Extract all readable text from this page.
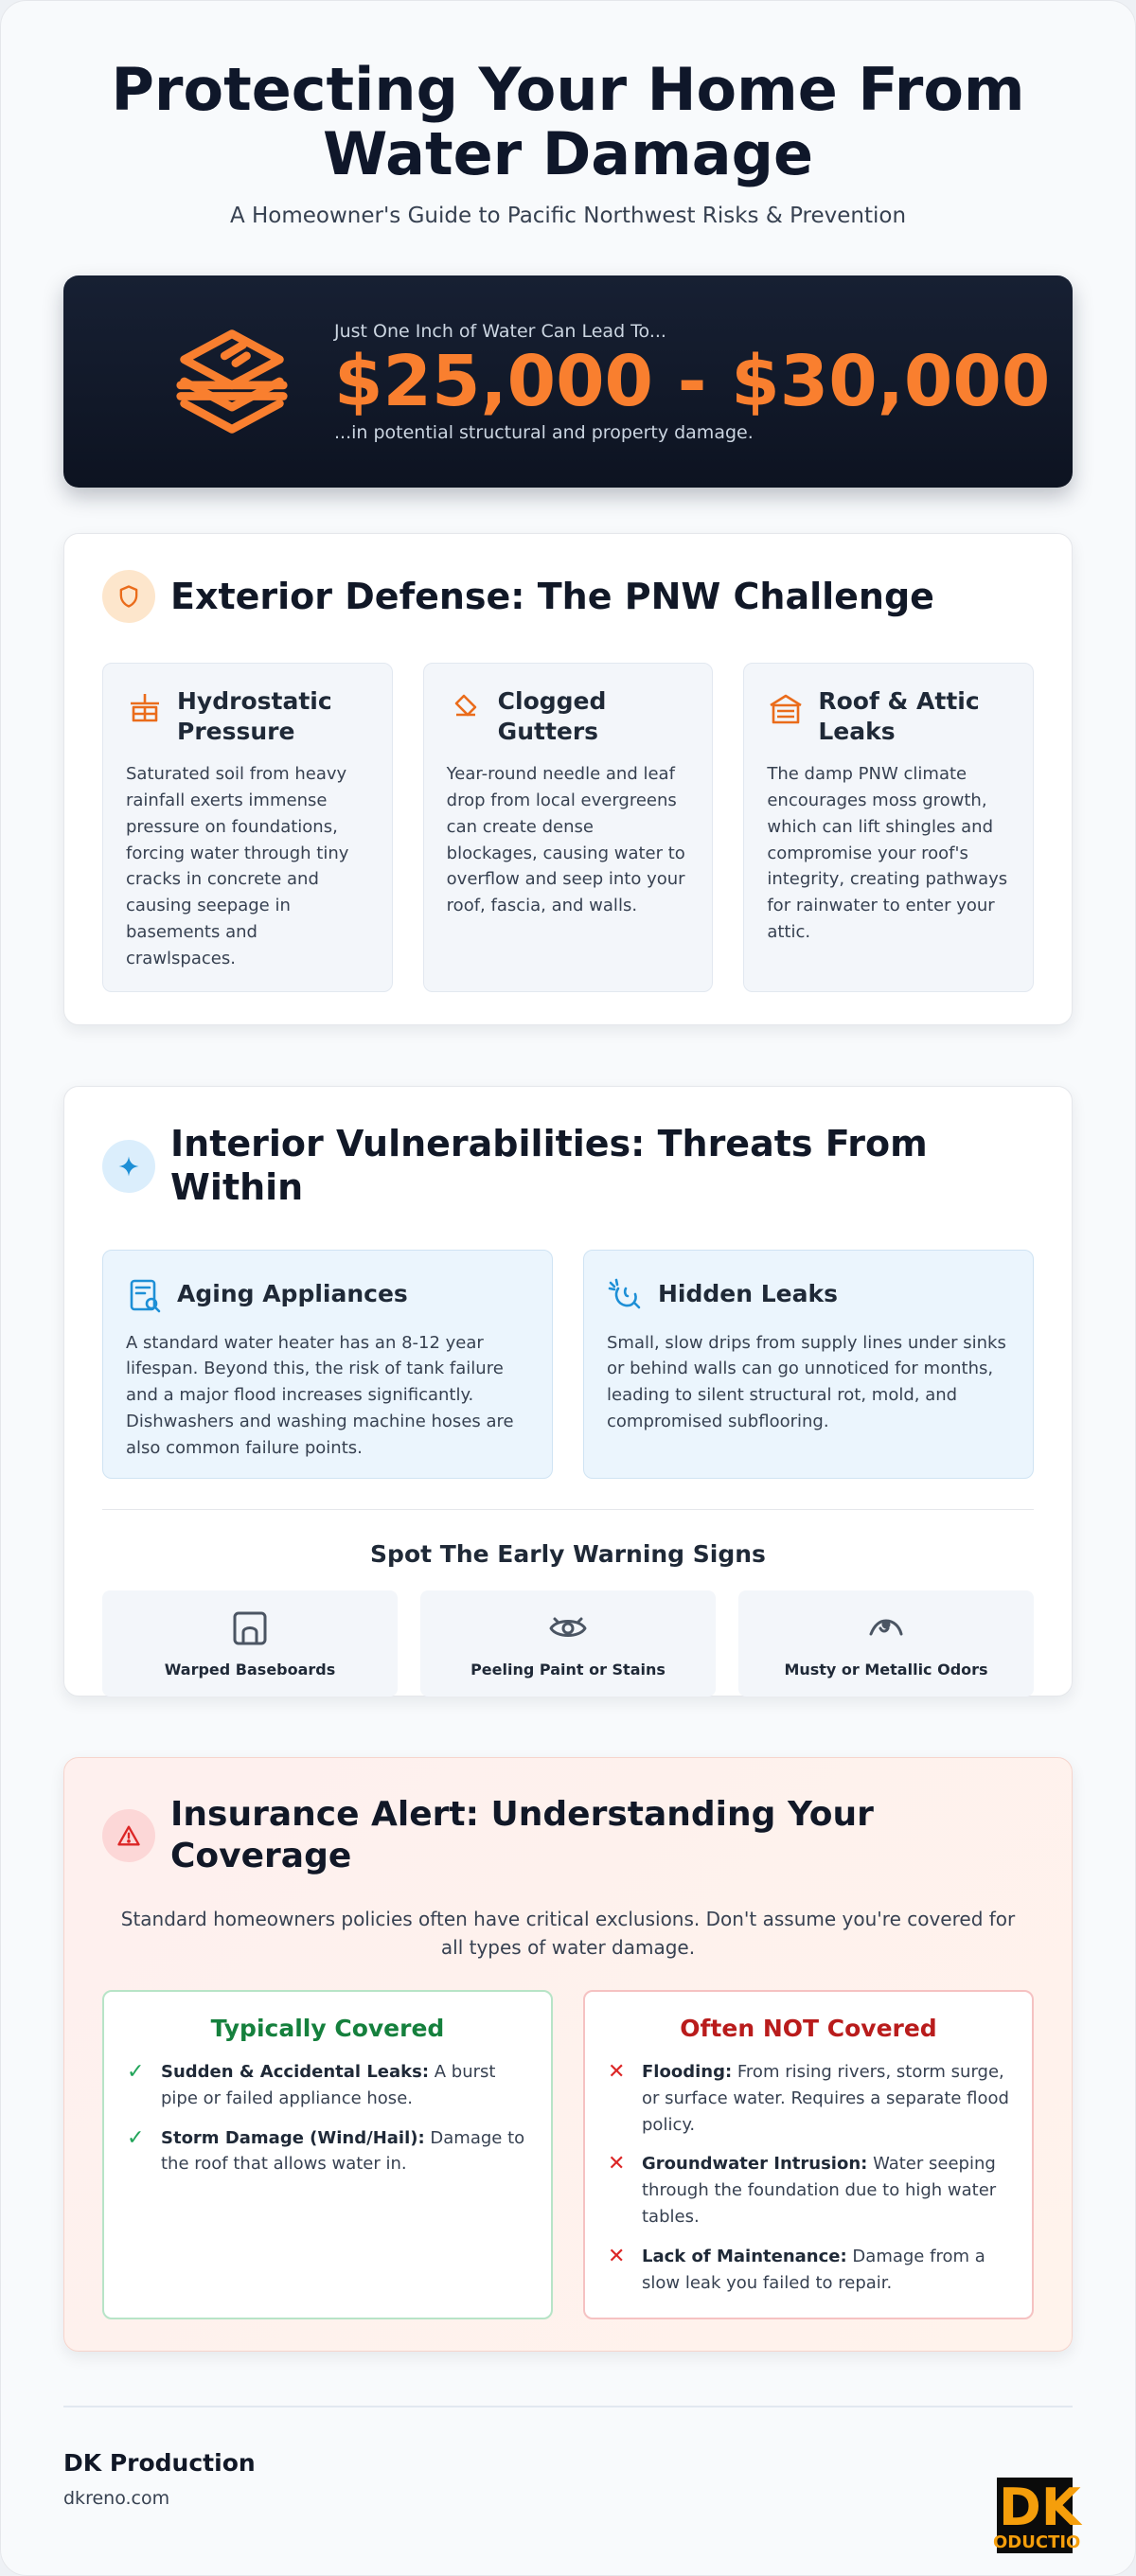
Protecting Your Home From Water Damage

A Homeowner's Guide to Pacific Northwest Risks & Prevention

Just One Inch of Water Can Lead To...
$25,000 - $30,000
...in potential structural and property damage.
Exterior Defense: The PNW Challenge
Hydrostatic Pressure

Saturated soil from heavy rainfall exerts immense pressure on foundations, forcing water through tiny cracks in concrete and causing seepage in basements and crawlspaces.

Clogged Gutters

Year-round needle and leaf drop from local evergreens can create dense blockages, causing water to overflow and seep into your roof, fascia, and walls.

Roof & Attic Leaks

The damp PNW climate encourages moss growth, which can lift shingles and compromise your roof's integrity, creating pathways for rainwater to enter your attic.

Interior Vulnerabilities: Threats From Within
Aging Appliances

A standard water heater has an 8-12 year lifespan. Beyond this, the risk of tank failure and a major flood increases significantly. Dishwashers and washing machine hoses are also common failure points.

Hidden Leaks

Small, slow drips from supply lines under sinks or behind walls can go unnoticed for months, leading to silent structural rot, mold, and compromised subflooring.

Spot The Early Warning Signs
Warped Baseboards	Peeling Paint or Stains	Musty or Metallic Odors
Insurance Alert: Understanding Your Coverage

Standard homeowners policies often have critical exclusions. Don't assume you're covered for all types of water damage.

Typically Covered
✓ Sudden & Accidental Leaks: A burst pipe or failed appliance hose.
✓ Storm Damage (Wind/Hail): Damage to the roof that allows water in.
Often NOT Covered
✕ Flooding: From rising rivers, storm surge, or surface water. Requires a separate flood policy.
✕ Groundwater Intrusion: Water seeping through the foundation due to high water tables.
✕ Lack of Maintenance: Damage from a slow leak you failed to repair.
DK Production
dkreno.com	DK
ODUCTIO
